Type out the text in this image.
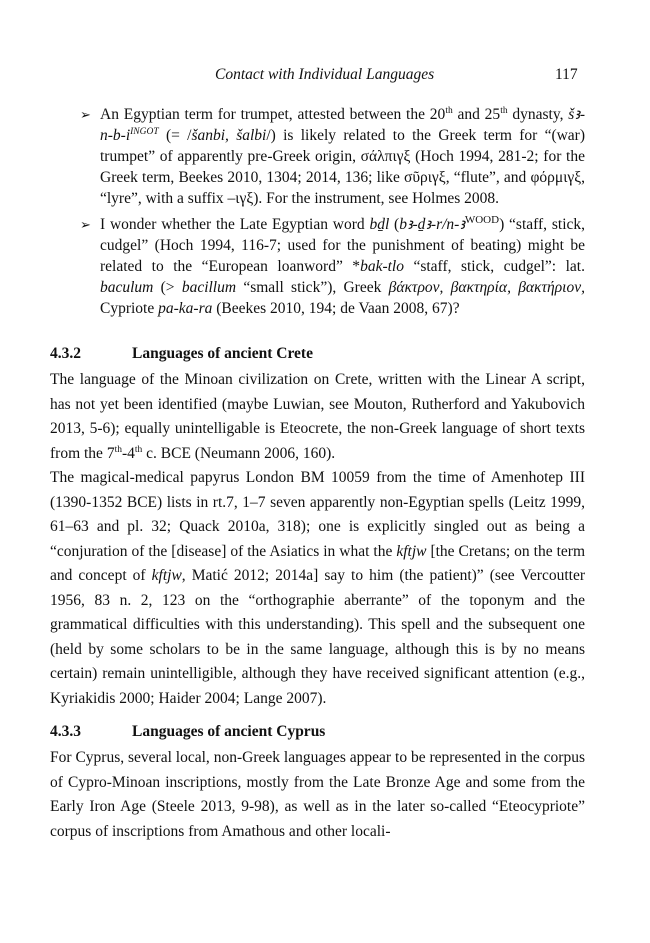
Contact with Individual Languages	117
➢ An Egyptian term for trumpet, attested between the 20th and 25th dynasty, $šꜣ-n-b-i^{INGOT}$ (= /šanbi, šalbi/) is likely related to the Greek term for “(war) trumpet” of apparently pre-Greek origin, σάλπιγξ (Hoch 1994, 281-2; for the Greek term, Beekes 2010, 1304; 2014, 136; like σῦριγξ, “flute”, and φόρμιγξ, “lyre”, with a suffix –ιγξ). For the instrument, see Holmes 2008.
➢ I wonder whether the Late Egyptian word bḏl (bꜣ-ḏꜣ-r/n-ꜣ$^{WOOD}$) “staff, stick, cudgel” (Hoch 1994, 116-7; used for the punishment of beating) might be related to the “European loanword” *bak-tlo “staff, stick, cudgel”: lat. baculum (> bacillum “small stick”), Greek βάκτρον, βακτηρία, βακτήριον, Cypriote pa-ka-ra (Beekes 2010, 194; de Vaan 2008, 67)?
4.3.2	Languages of ancient Crete
The language of the Minoan civilization on Crete, written with the Linear A script, has not yet been identified (maybe Luwian, see Mouton, Rutherford and Yakubovich 2013, 5-6); equally unintelligable is Eteocrete, the non-Greek language of short texts from the 7th-4th c. BCE (Neumann 2006, 160).
The magical-medical papyrus London BM 10059 from the time of Amenhotep III (1390-1352 BCE) lists in rt.7, 1–7 seven apparently non-Egyptian spells (Leitz 1999, 61–63 and pl. 32; Quack 2010a, 318); one is explicitly singled out as being a “conjuration of the [disease] of the Asiatics in what the kftjw [the Cretans; on the term and concept of kftjw, Matić 2012; 2014a] say to him (the patient)” (see Vercoutter 1956, 83 n. 2, 123 on the “orthographie aberrante” of the toponym and the grammatical difficulties with this understanding). This spell and the subsequent one (held by some scholars to be in the same language, although this is by no means certain) remain unintelligible, although they have received significant attention (e.g., Kyriakidis 2000; Haider 2004; Lange 2007).
4.3.3	Languages of ancient Cyprus
For Cyprus, several local, non-Greek languages appear to be represented in the corpus of Cypro-Minoan inscriptions, mostly from the Late Bronze Age and some from the Early Iron Age (Steele 2013, 9-98), as well as in the later so-called “Eteocypriote” corpus of inscriptions from Amathous and other locali-
